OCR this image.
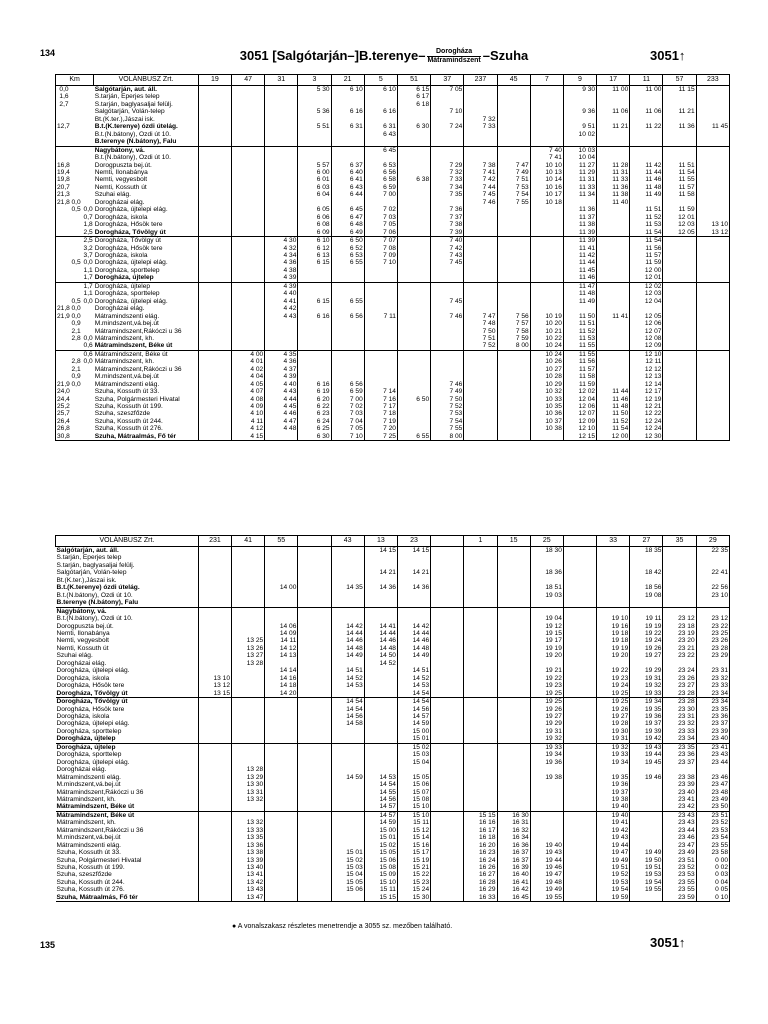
134	3051 [Salgótarján–]B.terenye–	Dorogháza
Mátramindszent –Szuha	3051↑
Km			VOLÁNBUSZ Zrt.	19	47	31	3	21	5	51	37	237	45	7	9	17	11	57	233
0,0			Salgótarján, aut. áll.				5 30	6 10	6 10	6 15	7 05				9 30	11 00	11 00	11 15	
1,6			S.tarján, Eperjes telep							6 17									
2,7			S.tarján, baglyasaljai felülj.							6 18									
			Salgótarján, Volán-telep				5 36	6 16	6 16		7 10				9 36	11 06	11 06	11 21	
			Bt.(K.ter.),Jászai isk.									7 32							
12,7			B.t.(K.terenye) ózdi útelág.				5 51	6 31	6 31	6 30	7 24	7 33			9 51	11 21	11 22	11 36	11 45
			B.t.(N.bátony), Ózdi út 10.						6 43						10 02				
			B.terenye (N.bátony), Falu																
			Nagybátony, vá.						6 45					7 40	10 03				
			B.t.(N.bátony), Ózdi út 10.											7 41	10 04				
16,8			Dorogpuszta bej.út.				5 57	6 37	6 53		7 29	7 38	7 47	10 10	11 27	11 28	11 42	11 51	
19,4			Nemti, Ilonabánya				6 00	6 40	6 56		7 32	7 41	7 49	10 13	11 29	11 31	11 44	11 54	
19,8			Nemti, vegyesbolt				6 01	6 41	6 58	6 38	7 33	7 42	7 51	10 14	11 31	11 33	11 46	11 55	
20,7			Nemti, Kossuth út				6 03	6 43	6 59		7 34	7 44	7 53	10 16	11 33	11 36	11 48	11 57	
21,3			Szuhai elág.				6 04	6 44	7 00		7 35	7 45	7 54	10 17	11 34	11 38	11 49	11 58	
21,8	0,0		Dorogházai elág.									7 46	7 55	10 18		11 40			
	0,5	0,0	Dorogháza, újtelepi elág.				6 05	6 45	7 02		7 36				11 36		11 51	11 59	
		0,7	Dorogháza, iskola				6 06	6 47	7 03		7 37				11 37		11 52	12 01	
		1,8	Dorogháza, Hősök tere				6 08	6 48	7 05		7 38				11 38		11 53	12 03	13 10
		2,5	Dorogháza, Tővölgy út				6 09	6 49	7 06		7 39				11 39		11 54	12 05	13 12
		2,5	Dorogháza, Tővölgy út			4 30	6 10	6 50	7 07		7 40				11 39		11 54		
		3,2	Dorogháza, Hősök tere			4 32	6 12	6 52	7 08		7 42				11 41		11 56		
		3,7	Dorogháza, iskola			4 34	6 13	6 53	7 09		7 43				11 42		11 57		
	0,5	0,0	Dorogháza, újtelepi elág.			4 36	6 15	6 55	7 10		7 45				11 44		11 59		
		1,1	Dorogháza, sporttelep			4 38									11 45		12 00		
		1,7	Dorogháza, újtelep			4 39									11 46		12 01		
		1,7	Dorogháza, újtelep			4 39									11 47		12 02		
		1,1	Dorogháza, sporttelep			4 40									11 48		12 03		
	0,5	0,0	Dorogháza, újtelepi elág.			4 41	6 15	6 55			7 45				11 49		12 04		
21,8	0,0		Dorogházai elág.			4 42													
21,9	0,0		Mátramindszenti elág.			4 43	6 16	6 56	7 11		7 46	7 47	7 56	10 19	11 50	11 41	12 05		
	0,9		M.mindszent,vá.bej.út									7 48	7 57	10 20	11 51		12 06		
	2,1		Mátramindszent,Rákóczi u 36									7 50	7 58	10 21	11 52		12 07		
	2,8	0,0	Mátramindszent, kh.									7 51	7 59	10 22	11 53		12 08		
		0,6	Mátramindszent, Béke út									7 52	8 00	10 24	11 55		12 09		
		0,6	Mátramindszent, Béke út		4 00	4 35								10 24	11 55		12 10		
	2,8	0,0	Mátramindszent, kh.		4 01	4 36								10 26	11 56		12 11		
	2,1		Mátramindszent,Rákóczi u 36		4 02	4 37								10 27	11 57		12 12		
	0,9		M.mindszent,vá.bej.út		4 04	4 39								10 28	11 58		12 13		
21,9	0,0		Mátramindszenti elág.		4 05	4 40	6 16	6 56			7 46			10 29	11 59		12 14		
24,0			Szuha, Kossuth út 33.		4 07	4 43	6 19	6 59	7 14		7 49			10 32	12 02	11 44	12 17		
24,4			Szuha, Polgármesteri Hivatal		4 08	4 44	6 20	7 00	7 16	6 50	7 50			10 33	12 04	11 46	12 19		
25,2			Szuha, Kossuth út 199.		4 09	4 45	6 22	7 02	7 17		7 52			10 35	12 06	11 48	12 21		
25,7			Szuha, szeszfőzde		4 10	4 46	6 23	7 03	7 18		7 53			10 36	12 07	11 50	12 22		
26,4			Szuha, Kossuth út 244.		4 11	4 47	6 24	7 04	7 19		7 54			10 37	12 09	11 52	12 24		
26,8			Szuha, Kossuth út 276.		4 12	4 48	6 25	7 05	7 20		7 55			10 38	12 10	11 54	12 24		
30,8			Szuha, Mátraalmás, Fő tér		4 15		6 30	7 10	7 25	6 55	8 00				12 15	12 00	12 30		
VOLÁNBUSZ Zrt.	231	41	55		43	13	23		1	15	25		33	27	35	29
Salgótarján, aut. áll.						14 15	14 15				18 30			18 35		22 35
S.tarján, Eperjes telep																
S.tarján, baglyasaljai felülj.																
Salgótarján, Volán-telep						14 21	14 21				18 36			18 42		22 41
Bt.(K.ter.),Jászai isk.																
B.t.(K.terenye) ózdi útelág.			14 00		14 35	14 36	14 36				18 51			18 56		22 56
B.t.(N.bátony), Ózdi út 10.											19 03			19 08		23 10
B.terenye (N.bátony), Falu																
Nagybátony, vá.																
B.t.(N.bátony), Ózdi út 10.											19 04		19 10	19 11	23 12	23 12
Dorogpuszta bej.út.			14 06		14 42	14 41	14 42				19 12		19 16	19 19	23 18	23 22
Nemti, Ilonabánya			14 09		14 44	14 44	14 44				19 15		19 18	19 22	23 19	23 25
Nemti, vegyesbolt		13 25	14 11		14 46	14 46	14 46				19 17		19 18	19 24	23 20	23 26
Nemti, Kossuth út		13 26	14 12		14 48	14 48	14 48				19 19		19 19	19 26	23 21	23 28
Szuhai elág.		13 27	14 13		14 49	14 50	14 49				19 20		19 20	19 27	23 22	23 29
Dorogházai elág.		13 28				14 52										
Dorogháza, újtelepi elág.			14 14		14 51		14 51				19 21		19 22	19 29	23 24	23 31
Dorogháza, iskola	13 10		14 16		14 52		14 52				19 22		19 23	19 31	23 26	23 32
Dorogháza, Hősök tere	13 12		14 18		14 53		14 53				19 23		19 24	19 32	23 27	23 33
Dorogháza, Tővölgy út	13 15		14 20				14 54				19 25		19 25	19 33	23 28	23 34
Dorogháza, Tővölgy út					14 54		14 54				19 25		19 25	19 34	23 28	23 34
Dorogháza, Hősök tere					14 54		14 56				19 26		19 26	19 35	23 30	23 35
Dorogháza, iskola					14 56		14 57				19 27		19 27	19 36	23 31	23 36
Dorogháza, újtelepi elág.					14 58		14 59				19 29		19 28	19 37	23 32	23 37
Dorogháza, sporttelep							15 00				19 31		19 30	19 39	23 33	23 39
Dorogháza, újtelep							15 01				19 32		19 31	19 42	23 34	23 40
Dorogháza, újtelep							15 02				19 33		19 32	19 43	23 35	23 41
Dorogháza, sporttelep							15 03				19 34		19 33	19 44	23 36	23 43
Dorogháza, újtelepi elág.							15 04				19 36		19 34	19 45	23 37	23 44
Dorogházai elág.		13 28														
Mátramindszenti elág.		13 29			14 59	14 53	15 05				19 38		19 35	19 46	23 38	23 46
M.mindszent,vá.bej.út		13 30				14 54	15 06						19 36		23 39	23 47
Mátramindszent,Rákóczi u 36		13 31				14 55	15 07						19 37		23 40	23 48
Mátramindszent, kh.		13 32				14 56	15 08						19 38		23 41	23 49
Mátramindszent, Béke út						14 57	15 10						19 40		23 42	23 50
Mátramindszent, Béke út						14 57	15 10		15 15	16 30			19 40		23 43	23 51
Mátramindszent, kh.		13 32				14 59	15 11		16 16	16 31			19 41		23 43	23 52
Mátramindszent,Rákóczi u 36		13 33				15 00	15 12		16 17	16 32			19 42		23 44	23 53
M.mindszent,vá.bej.út		13 35				15 01	15 14		16 18	16 34			19 43		23 46	23 54
Mátramindszenti elág.		13 36				15 02	15 16		16 20	16 36	19 40		19 44		23 47	23 55
Szuha, Kossuth út 33.		13 38			15 01	15 05	15 17		16 23	16 37	19 43		19 47	19 49	23 49	23 58
Szuha, Polgármesteri Hivatal		13 39			15 02	15 06	15 19		16 24	16 37	19 44		19 49	19 50	23 51	0 00
Szuha, Kossuth út 199.		13 40			15 03	15 08	15 21		16 26	16 39	19 46		19 51	19 51	23 52	0 02
Szuha, szeszfőzde		13 41			15 04	15 09	15 22		16 27	16 40	19 47		19 52	19 53	23 53	0 03
Szuha, Kossuth út 244.		13 42			15 05	15 10	15 23		16 28	16 41	19 48		19 53	19 54	23 55	0 04
Szuha, Kossuth út 276.		13 43			15 06	15 11	15 24		16 29	16 42	19 49		19 54	19 55	23 55	0 05
Szuha, Mátraalmás, Fő tér		13 47				15 15	15 30		16 33	16 45	19 55		19 59		23 59	0 10
● A vonalszakasz részletes menetrendje a 3055 sz. mezőben található.
135	3051↑
